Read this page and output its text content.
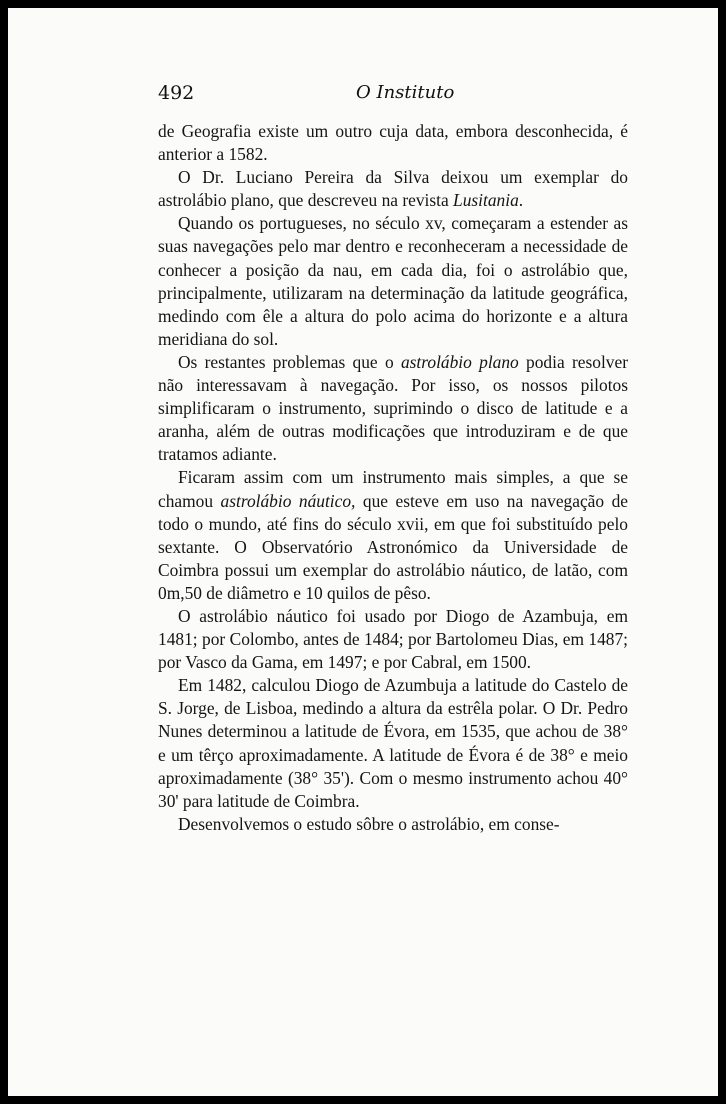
492	O Instituto

de Geografia existe um outro cuja data, embora desconhecida, é anterior a 1582.

O Dr. Luciano Pereira da Silva deixou um exemplar do astrolábio plano, que descreveu na revista Lusitania.

Quando os portugueses, no século xv, começaram a estender as suas navegações pelo mar dentro e reconheceram a necessidade de conhecer a posição da nau, em cada dia, foi o astrolábio que, principalmente, utilizaram na determinação da latitude geográfica, medindo com êle a altura do polo acima do horizonte e a altura meridiana do sol.

Os restantes problemas que o astrolábio plano podia resolver não interessavam à navegação. Por isso, os nossos pilotos simplificaram o instrumento, suprimindo o disco de latitude e a aranha, além de outras modificações que introduziram e de que tratamos adiante.

Ficaram assim com um instrumento mais simples, a que se chamou astrolábio náutico, que esteve em uso na navegação de todo o mundo, até fins do século xvii, em que foi substituído pelo sextante. O Observatório Astronómico da Universidade de Coimbra possui um exemplar do astrolábio náutico, de latão, com 0m,50 de diâmetro e 10 quilos de pêso.

O astrolábio náutico foi usado por Diogo de Azambuja, em 1481; por Colombo, antes de 1484; por Bartolomeu Dias, em 1487; por Vasco da Gama, em 1497; e por Cabral, em 1500.

Em 1482, calculou Diogo de Azumbuja a latitude do Castelo de S. Jorge, de Lisboa, medindo a altura da estrêla polar. O Dr. Pedro Nunes determinou a latitude de Évora, em 1535, que achou de 38° e um têrço aproximadamente. A latitude de Évora é de 38° e meio aproximadamente (38° 35'). Com o mesmo instrumento achou 40° 30' para latitude de Coimbra.

Desenvolvemos o estudo sôbre o astrolábio, em conse-
